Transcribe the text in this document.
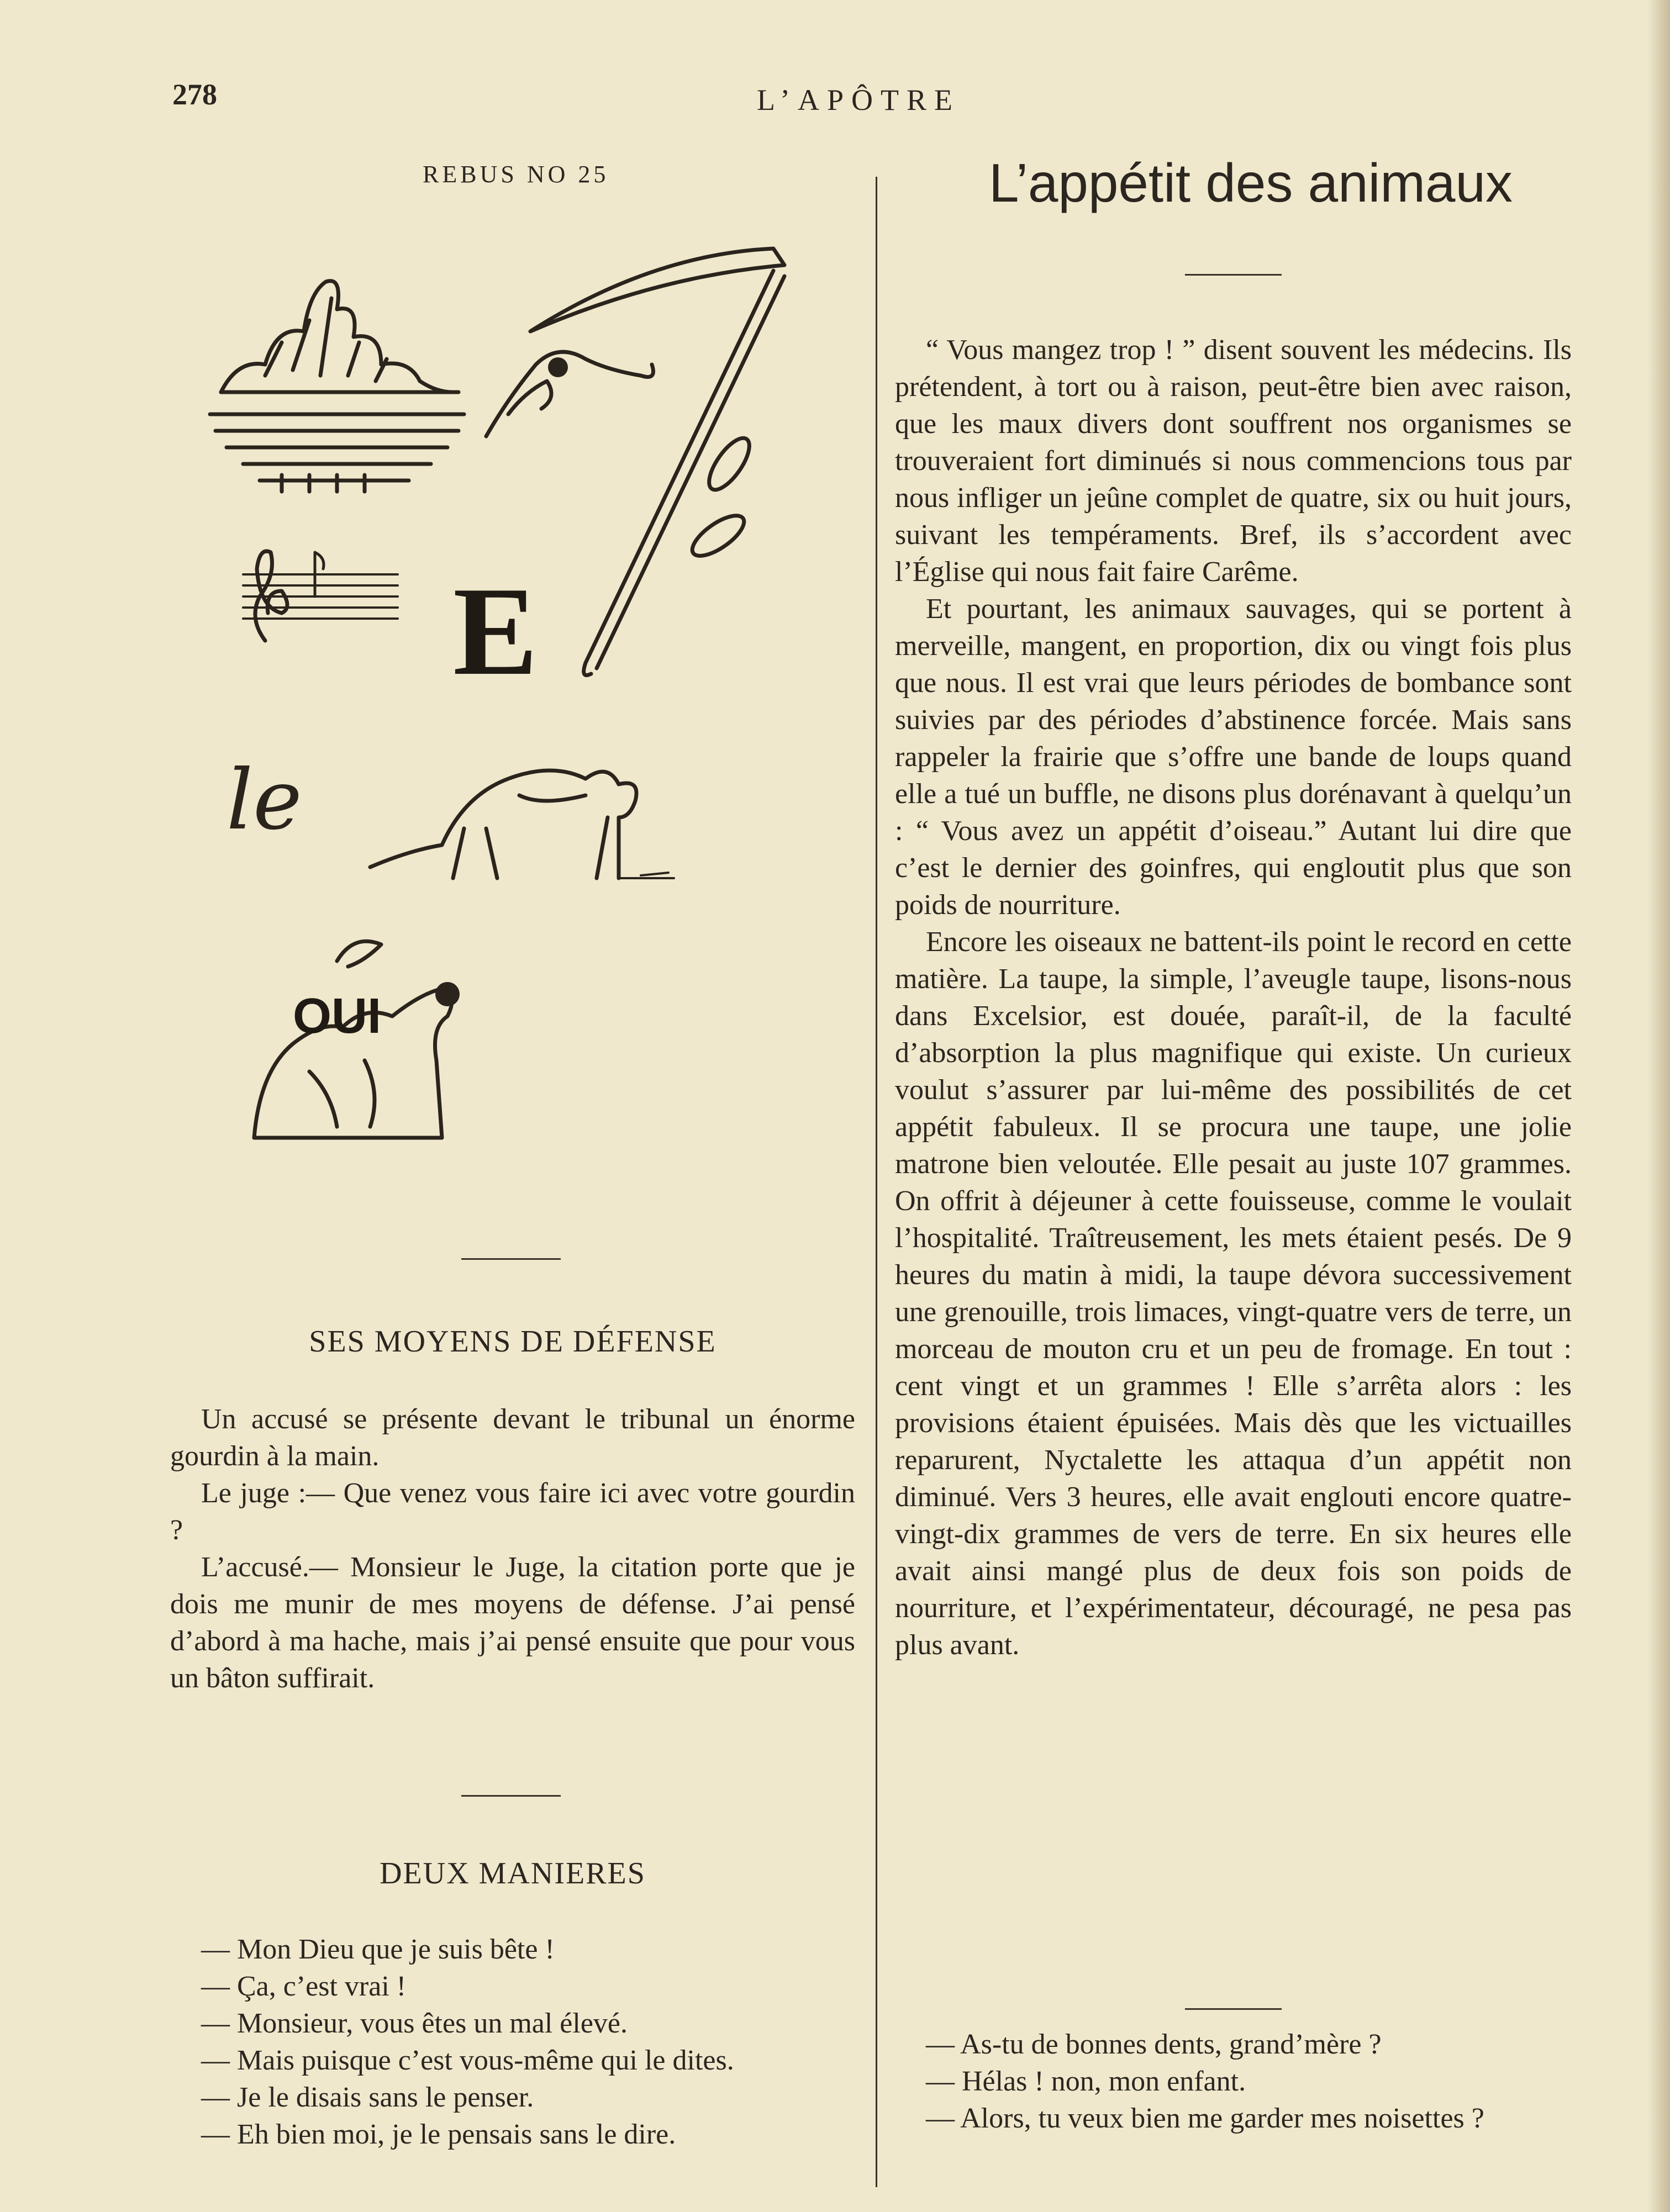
278	L’APÔTRE
REBUS NO 25
E
le
OUI
SES MOYENS DE DÉFENSE

Un accusé se présente devant le tribunal un énorme gourdin à la main.

Le juge :— Que venez vous faire ici avec votre gourdin ?

L’accusé.— Monsieur le Juge, la citation porte que je dois me munir de mes moyens de défense. J’ai pensé d’abord à ma hache, mais j’ai pensé ensuite que pour vous un bâton suffirait.

DEUX MANIERES

— Mon Dieu que je suis bête !

— Ça, c’est vrai !

— Monsieur, vous êtes un mal élevé.

— Mais puisque c’est vous-même qui le dites.

— Je le disais sans le penser.

— Eh bien moi, je le pensais sans le dire.

L’appétit des animaux

“ Vous mangez trop ! ” disent souvent les médecins. Ils prétendent, à tort ou à raison, peut-être bien avec raison, que les maux divers dont souffrent nos organismes se trouveraient fort diminués si nous commencions tous par nous infliger un jeûne complet de quatre, six ou huit jours, suivant les tempéraments. Bref, ils s’accordent avec l’Église qui nous fait faire Carême.

Et pourtant, les animaux sauvages, qui se portent à merveille, mangent, en proportion, dix ou vingt fois plus que nous. Il est vrai que leurs périodes de bombance sont suivies par des périodes d’abstinence forcée. Mais sans rappeler la frairie que s’offre une bande de loups quand elle a tué un buffle, ne disons plus dorénavant à quelqu’un : “ Vous avez un appétit d’oiseau.” Autant lui dire que c’est le dernier des goinfres, qui engloutit plus que son poids de nourriture.

Encore les oiseaux ne battent-ils point le record en cette matière. La taupe, la simple, l’aveugle taupe, lisons-nous dans Excelsior, est douée, paraît-il, de la faculté d’absorption la plus magnifique qui existe. Un curieux voulut s’assurer par lui-même des possibilités de cet appétit fabuleux. Il se procura une taupe, une jolie matrone bien veloutée. Elle pesait au juste 107 grammes. On offrit à déjeuner à cette fouisseuse, comme le voulait l’hospitalité. Traîtreusement, les mets étaient pesés. De 9 heures du matin à midi, la taupe dévora successivement une grenouille, trois limaces, vingt-quatre vers de terre, un morceau de mouton cru et un peu de fromage. En tout : cent vingt et un grammes ! Elle s’arrêta alors : les provisions étaient épuisées. Mais dès que les victuailles reparurent, Nyctalette les attaqua d’un appétit non diminué. Vers 3 heures, elle avait englouti encore quatre-vingt-dix grammes de vers de terre. En six heures elle avait ainsi mangé plus de deux fois son poids de nourriture, et l’expérimentateur, découragé, ne pesa pas plus avant.

— As-tu de bonnes dents, grand’mère ?

— Hélas ! non, mon enfant.

— Alors, tu veux bien me garder mes noisettes ?
